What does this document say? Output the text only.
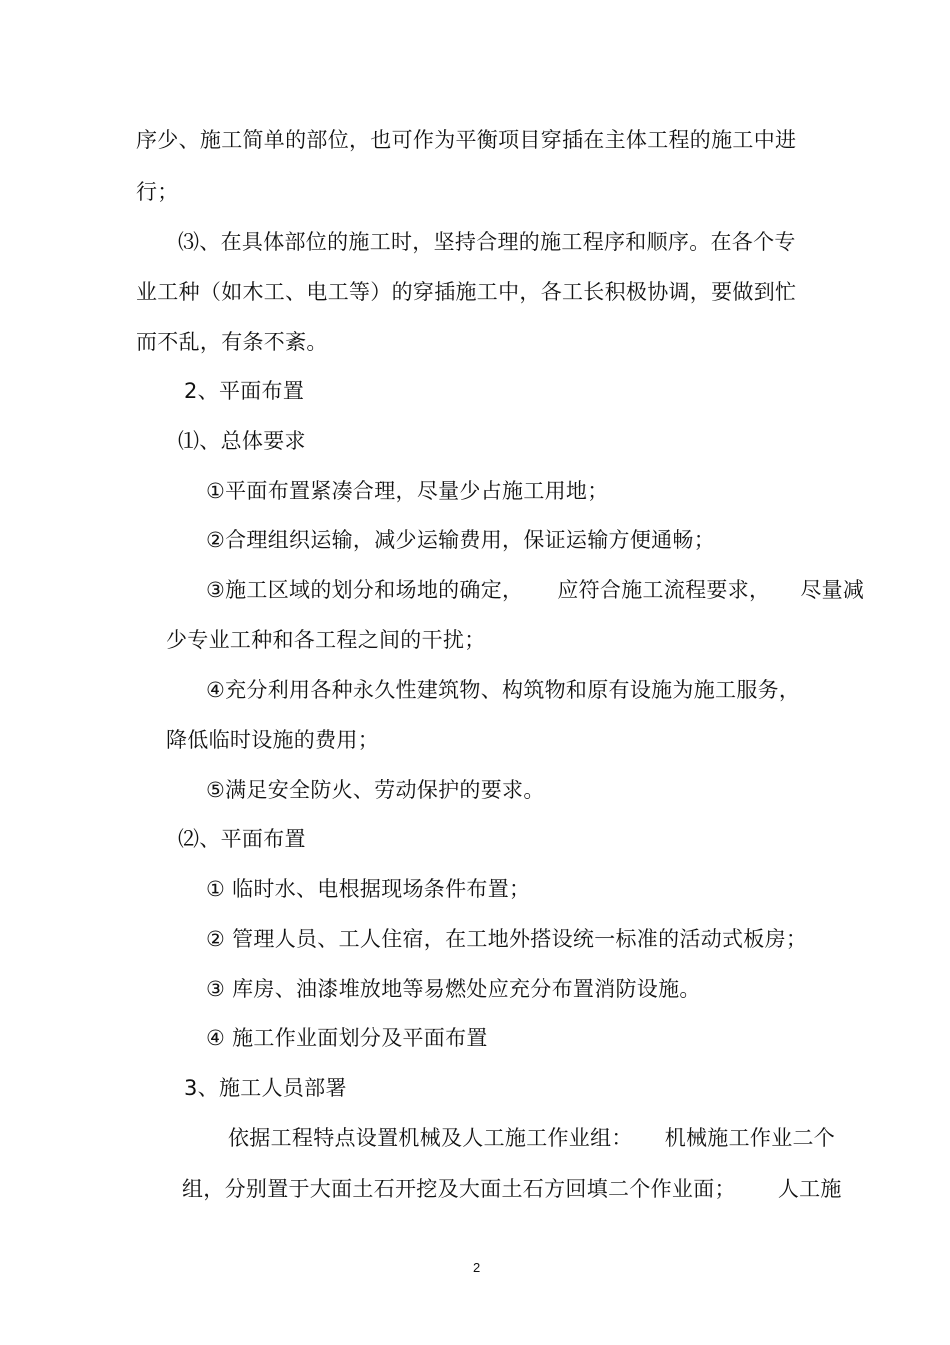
序少、施工简单的部位，也可作为平衡项目穿插在主体工程的施工中进
行；
⑶、在具体部位的施工时，坚持合理的施工程序和顺序。在各个专
业工种（如木工、电工等）的穿插施工中，各工长积极协调，要做到忙
而不乱，有条不紊。
2、平面布置
⑴、总体要求
①平面布置紧凑合理，尽量少占施工用地；
②合理组织运输，减少运输费用，保证运输方便通畅；
③施工区域的划分和场地的确定， 应符合施工流程要求， 尽量减
少专业工种和各工程之间的干扰；
④充分利用各种永久性建筑物、构筑物和原有设施为施工服务，
降低临时设施的费用；
⑤满足安全防火、劳动保护的要求。
⑵、平面布置
① 临时水、电根据现场条件布置；
② 管理人员、工人住宿，在工地外搭设统一标准的活动式板房；
③ 库房、油漆堆放地等易燃处应充分布置消防设施。
④ 施工作业面划分及平面布置
3、施工人员部署
依据工程特点设置机械及人工施工作业组： 机械施工作业二个
组，分别置于大面土石开挖及大面土石方回填二个作业面； 人工施
2
